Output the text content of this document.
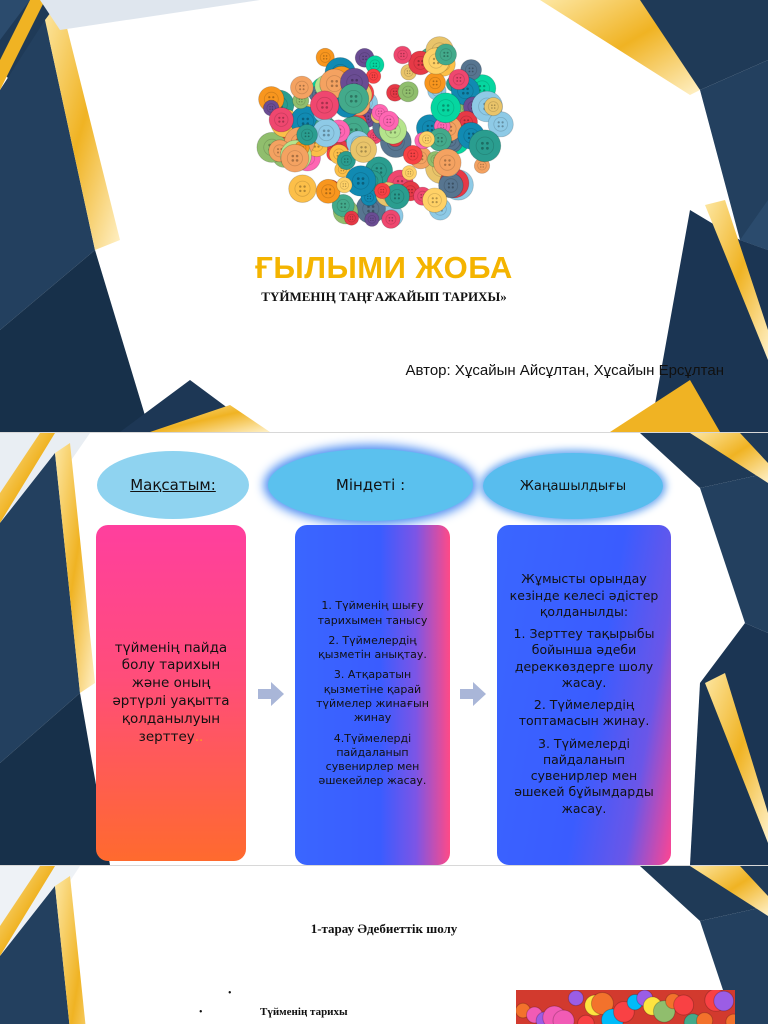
ҒЫЛЫМИ ЖОБА
ТҮЙМЕНІҢ ТАҢҒАЖАЙЫП ТАРИХЫ»
Автор: Хұсайын Айсұлтан, Хұсайын Ерсұлтан
Мақсатым:	Міндеті :	Жаңашылдығы
түйменің пайда болу тарихын және оның әртүрлі уақытта қолданылуын зерттеу..

1. Түйменің шығу тарихымен танысу

2. Түймелердің қызметін анықтау.

3. Атқаратын қызметіне қарай түймелер жинағын жинау

4.Түймелерді пайдаланып сувенирлер мен әшекейлер жасау.

Жұмысты орындау кезінде келесі әдістер қолданылды:

1. Зерттеу тақырыбы бойынша әдеби дереккөздерге шолу жасау.

2. Түймелердің топтамасын жинау.

3. Түймелерді пайдаланып сувенирлер мен әшекей бұйымдарды жасау.

1-тарау Әдебиеттік шолу
•
•	Түйменің тарихы
